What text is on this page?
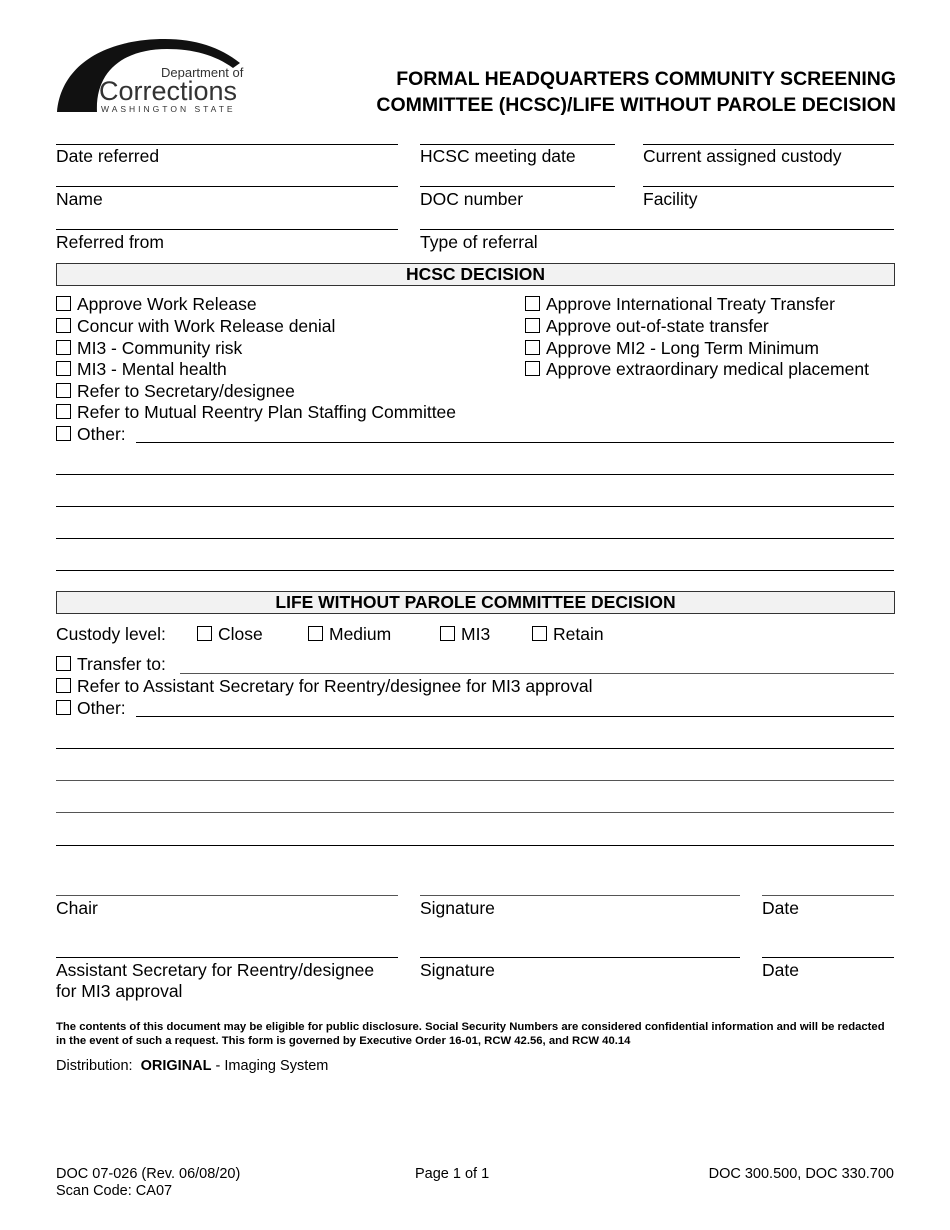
Department of
Corrections
WASHINGTON STATE
FORMAL HEADQUARTERS COMMUNITY SCREENING
COMMITTEE (HCSC)/LIFE WITHOUT PAROLE DECISION
Date referred	HCSC meeting date	Current assigned custody
Name	DOC number	Facility
Referred from	Type of referral
HCSC DECISION
Approve Work Release
Concur with Work Release denial
MI3 - Community risk
MI3 - Mental health
Refer to Secretary/designee
Refer to Mutual Reentry Plan Staffing Committee
Other:
Approve International Treaty Transfer
Approve out-of-state transfer
Approve MI2 - Long Term Minimum
Approve extraordinary medical placement
LIFE WITHOUT PAROLE COMMITTEE DECISION
Custody level:	Close	Medium	MI3	Retain
Transfer to:
Refer to Assistant Secretary for Reentry/designee for MI3 approval
Other:
Chair	Signature	Date
Assistant Secretary for Reentry/designee
for MI3 approval
Signature	Date
The contents of this document may be eligible for public disclosure. Social Security Numbers are considered confidential information and will be redacted in the event of such a request. This form is governed by Executive Order 16-01, RCW 42.56, and RCW 40.14
Distribution: ORIGINAL - Imaging System
DOC 07-026 (Rev. 06/08/20)
Scan Code: CA07
Page 1 of 1	DOC 300.500, DOC 330.700
